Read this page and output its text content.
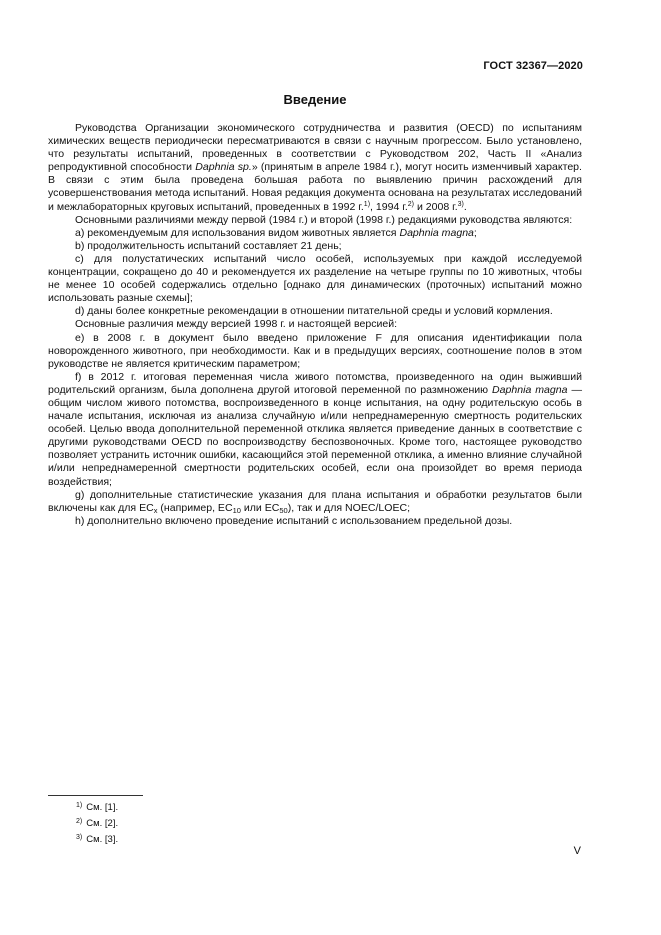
ГОСТ 32367—2020
Введение

Руководства Организации экономического сотрудничества и развития (OECD) по испытаниям химических веществ периодически пересматриваются в связи с научным прогрессом. Было установлено, что результаты испытаний, проведенных в соответствии с Руководством 202, Часть II «Анализ репродуктивной способности Daphnia sp.» (принятым в апреле 1984 г.), могут носить изменчивый характер. В связи с этим была проведена большая работа по выявлению причин расхождений для усовершенствования метода испытаний. Новая редакция документа основана на результатах исследований и межлабораторных круговых испытаний, проведенных в 1992 г.$^{1)}$, 1994 г.$^{2)}$ и 2008 г.$^{3)}$.

Основными различиями между первой (1984 г.) и второй (1998 г.) редакциями руководства являются:

a) рекомендуемым для использования видом животных является Daphnia magna;

b) продолжительность испытаний составляет 21 день;

c) для полустатических испытаний число особей, используемых при каждой исследуемой концентрации, сокращено до 40 и рекомендуется их разделение на четыре группы по 10 животных, чтобы не менее 10 особей содержались отдельно [однако для динамических (проточных) испытаний можно использовать разные схемы];

d) даны более конкретные рекомендации в отношении питательной среды и условий кормления.

Основные различия между версией 1998 г. и настоящей версией:

e) в 2008 г. в документ было введено приложение F для описания идентификации пола новорожденного животного, при необходимости. Как и в предыдущих версиях, соотношение полов в этом руководстве не является критическим параметром;

f) в 2012 г. итоговая переменная числа живого потомства, произведенного на один выживший родительский организм, была дополнена другой итоговой переменной по размножению Daphnia magna — общим числом живого потомства, воспроизведенного в конце испытания, на одну родительскую особь в начале испытания, исключая из анализа случайную и/или непреднамеренную смертность родительских особей. Целью ввода дополнительной переменной отклика является приведение данных в соответствие с другими руководствами OECD по воспроизводству беспозвоночных. Кроме того, настоящее руководство позволяет устранить источник ошибки, касающийся этой переменной отклика, а именно влияние случайной и/или непреднамеренной смертности родительских особей, если она произойдет во время периода воздействия;

g) дополнительные статистические указания для плана испытания и обработки результатов были включены как для $EC_x$ (например, $EC_{10}$ или $EC_{50}$), так и для NOEC/LOEC;

h) дополнительно включено проведение испытаний с использованием предельной дозы.

$^{1)}$ См. [1].
$^{2)}$ См. [2].
$^{3)}$ См. [3].
V
